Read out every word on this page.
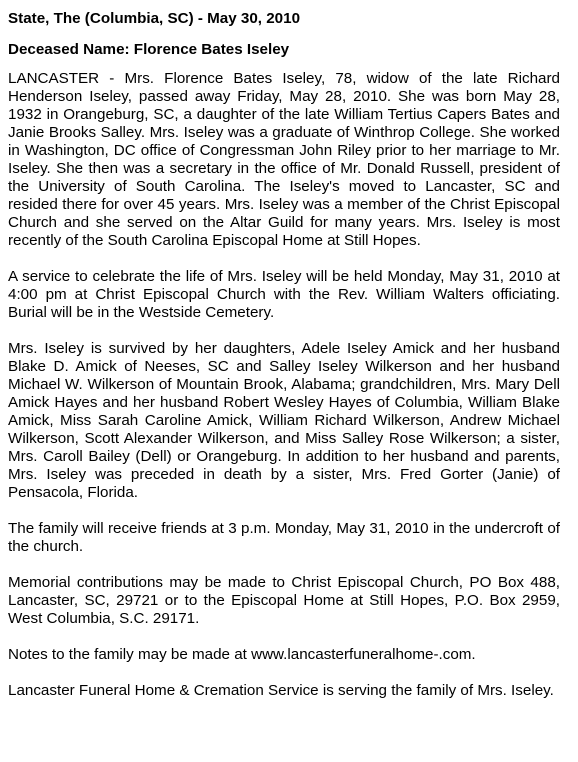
State, The (Columbia, SC) - May 30, 2010
Deceased Name: Florence Bates Iseley

LANCASTER - Mrs. Florence Bates Iseley, 78, widow of the late Richard Henderson Iseley, passed away Friday, May 28, 2010. She was born May 28, 1932 in Orangeburg, SC, a daughter of the late William Tertius Capers Bates and Janie Brooks Salley. Mrs. Iseley was a graduate of Winthrop College. She worked in Washington, DC office of Congressman John Riley prior to her marriage to Mr. Iseley. She then was a secretary in the office of Mr. Donald Russell, president of the University of South Carolina. The Iseley's moved to Lancaster, SC and resided there for over 45 years. Mrs. Iseley was a member of the Christ Episcopal Church and she served on the Altar Guild for many years. Mrs. Iseley is most recently of the South Carolina Episcopal Home at Still Hopes.

A service to celebrate the life of Mrs. Iseley will be held Monday, May 31, 2010 at 4:00 pm at Christ Episcopal Church with the Rev. William Walters officiating. Burial will be in the Westside Cemetery.

Mrs. Iseley is survived by her daughters, Adele Iseley Amick and her husband Blake D. Amick of Neeses, SC and Salley Iseley Wilkerson and her husband Michael W. Wilkerson of Mountain Brook, Alabama; grandchildren, Mrs. Mary Dell Amick Hayes and her husband Robert Wesley Hayes of Columbia, William Blake Amick, Miss Sarah Caroline Amick, William Richard Wilkerson, Andrew Michael Wilkerson, Scott Alexander Wilkerson, and Miss Salley Rose Wilkerson; a sister, Mrs. Caroll Bailey (Dell) or Orangeburg. In addition to her husband and parents, Mrs. Iseley was preceded in death by a sister, Mrs. Fred Gorter (Janie) of Pensacola, Florida.

The family will receive friends at 3 p.m. Monday, May 31, 2010 in the undercroft of the church.

Memorial contributions may be made to Christ Episcopal Church, PO Box 488, Lancaster, SC, 29721 or to the Episcopal Home at Still Hopes, P.O. Box 2959, West Columbia, S.C. 29171.

Notes to the family may be made at www.lancasterfuneralhome-.com.

Lancaster Funeral Home & Cremation Service is serving the family of Mrs. Iseley.
